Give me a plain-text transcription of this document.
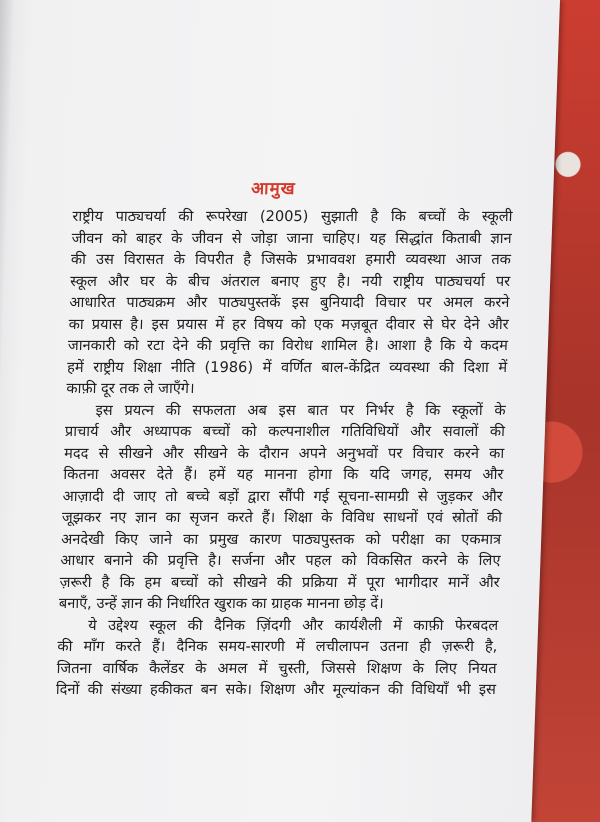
आमुख

राष्ट्रीय पाठ्यचर्या की रूपरेखा (2005) सुझाती है कि बच्चों के स्कूली
जीवन को बाहर के जीवन से जोड़ा जाना चाहिए। यह सिद्धांत किताबी ज्ञान
की उस विरासत के विपरीत है जिसके प्रभाववश हमारी व्यवस्था आज तक
स्कूल और घर के बीच अंतराल बनाए हुए है। नयी राष्ट्रीय पाठ्यचर्या पर
आधारित पाठ्यक्रम और पाठ्यपुस्तकें इस बुनियादी विचार पर अमल करने
का प्रयास है। इस प्रयास में हर विषय को एक मज़बूत दीवार से घेर देने और
जानकारी को रटा देने की प्रवृत्ति का विरोध शामिल है। आशा है कि ये कदम
हमें राष्ट्रीय शिक्षा नीति (1986) में वर्णित बाल-केंद्रित व्यवस्था की दिशा में
काफ़ी दूर तक ले जाएँगे।

इस प्रयत्न की सफलता अब इस बात पर निर्भर है कि स्कूलों के
प्राचार्य और अध्यापक बच्चों को कल्पनाशील गतिविधियों और सवालों की
मदद से सीखने और सीखने के दौरान अपने अनुभवों पर विचार करने का
कितना अवसर देते हैं। हमें यह मानना होगा कि यदि जगह, समय और
आज़ादी दी जाए तो बच्चे बड़ों द्वारा सौंपी गई सूचना-सामग्री से जुड़कर और
जूझकर नए ज्ञान का सृजन करते हैं। शिक्षा के विविध साधनों एवं स्रोतों की
अनदेखी किए जाने का प्रमुख कारण पाठ्यपुस्तक को परीक्षा का एकमात्र
आधार बनाने की प्रवृत्ति है। सर्जना और पहल को विकसित करने के लिए
ज़रूरी है कि हम बच्चों को सीखने की प्रक्रिया में पूरा भागीदार मानें और
बनाएँ, उन्हें ज्ञान की निर्धारित खुराक का ग्राहक मानना छोड़ दें।

ये उद्देश्य स्कूल की दैनिक ज़िंदगी और कार्यशैली में काफ़ी फेरबदल
की माँग करते हैं। दैनिक समय-सारणी में लचीलापन उतना ही ज़रूरी है,
जितना वार्षिक कैलेंडर के अमल में चुस्ती, जिससे शिक्षण के लिए नियत
दिनों की संख्या हकीकत बन सके। शिक्षण और मूल्यांकन की विधियाँ भी इस
